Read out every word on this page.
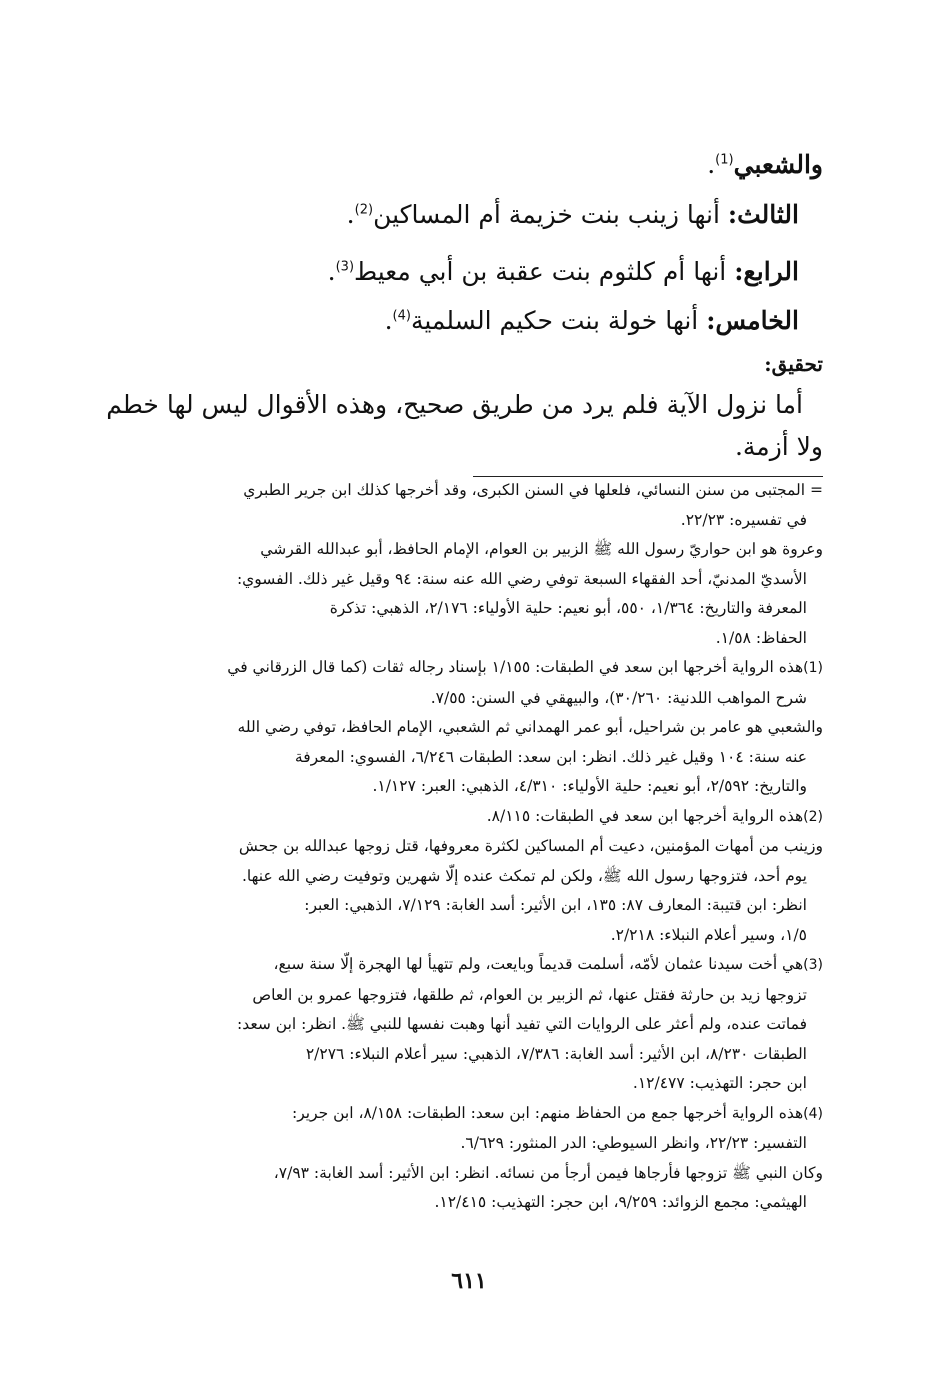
والشعبي$^{(1)}$.
الثالث: أنها زينب بنت خزيمة أم المساكين$^{(2)}$.
الرابع: أنها أم كلثوم بنت عقبة بن أبي معيط$^{(3)}$.
الخامس: أنها خولة بنت حكيم السلمية$^{(4)}$.
تحقيق:
أما نزول الآية فلم يرد من طريق صحيح، وهذه الأقوال ليس لها خطم
ولا أزمة.

= المجتبى من سنن النسائي، فلعلها في السنن الكبرى، وقد أخرجها كذلك ابن جرير الطبري

في تفسيره: ٢٢/٢٣.

وعروة هو ابن حواريّ رسول الله ﷺ الزبير بن العوام، الإمام الحافظ، أبو عبدالله القرشي

الأسديّ المدنيّ، أحد الفقهاء السبعة توفي رضي الله عنه سنة: ٩٤ وقيل غير ذلك. الفسوي:

المعرفة والتاريخ: ١/٣٦٤، ٥٥٠، أبو نعيم: حلية الأولياء: ٢/١٧٦، الذهبي: تذكرة

الحفاظ: ١/٥٨.

(1)هذه الرواية أخرجها ابن سعد في الطبقات: ١/١٥٥ بإسناد رجاله ثقات (كما قال الزرقاني في

شرح المواهب اللدنية: ٣٠/٢٦٠)، والبيهقي في السنن: ٧/٥٥.

والشعبي هو عامر بن شراحيل، أبو عمر الهمداني ثم الشعبي، الإمام الحافظ، توفي رضي الله

عنه سنة: ١٠٤ وقيل غير ذلك. انظر: ابن سعد: الطبقات ٦/٢٤٦، الفسوي: المعرفة

والتاريخ: ٢/٥٩٢، أبو نعيم: حلية الأولياء: ٤/٣١٠، الذهبي: العبر: ١/١٢٧.

(2)هذه الرواية أخرجها ابن سعد في الطبقات: ٨/١١٥.

وزينب من أمهات المؤمنين، دعيت أم المساكين لكثرة معروفها، قتل زوجها عبدالله بن جحش

يوم أحد، فتزوجها رسول الله ﷺ، ولكن لم تمكث عنده إلّا شهرين وتوفيت رضي الله عنها.

انظر: ابن قتيبة: المعارف ٨٧: ١٣٥، ابن الأثير: أسد الغابة: ٧/١٢٩، الذهبي: العبر:

١/٥، وسير أعلام النبلاء: ٢/٢١٨.

(3)هي أخت سيدنا عثمان لأمّه، أسلمت قديماً وبايعت، ولم تتهيأ لها الهجرة إلّا سنة سبع،

تزوجها زيد بن حارثة فقتل عنها، ثم الزبير بن العوام، ثم طلقها، فتزوجها عمرو بن العاص

فماتت عنده، ولم أعثر على الروايات التي تفيد أنها وهبت نفسها للنبي ﷺ. انظر: ابن سعد:

الطبقات ٨/٢٣٠، ابن الأثير: أسد الغابة: ٧/٣٨٦، الذهبي: سير أعلام النبلاء: ٢/٢٧٦

ابن حجر: التهذيب: ١٢/٤٧٧.

(4)هذه الرواية أخرجها جمع من الحفاظ منهم: ابن سعد: الطبقات: ٨/١٥٨، ابن جرير:

التفسير: ٢٢/٢٣، وانظر السيوطي: الدر المنثور: ٦/٦٢٩.

وكان النبي ﷺ تزوجها فأرجاها فيمن أرجأ من نسائه. انظر: ابن الأثير: أسد الغابة: ٧/٩٣،

الهيثمي: مجمع الزوائد: ٩/٢٥٩، ابن حجر: التهذيب: ١٢/٤١٥.

٦١١
